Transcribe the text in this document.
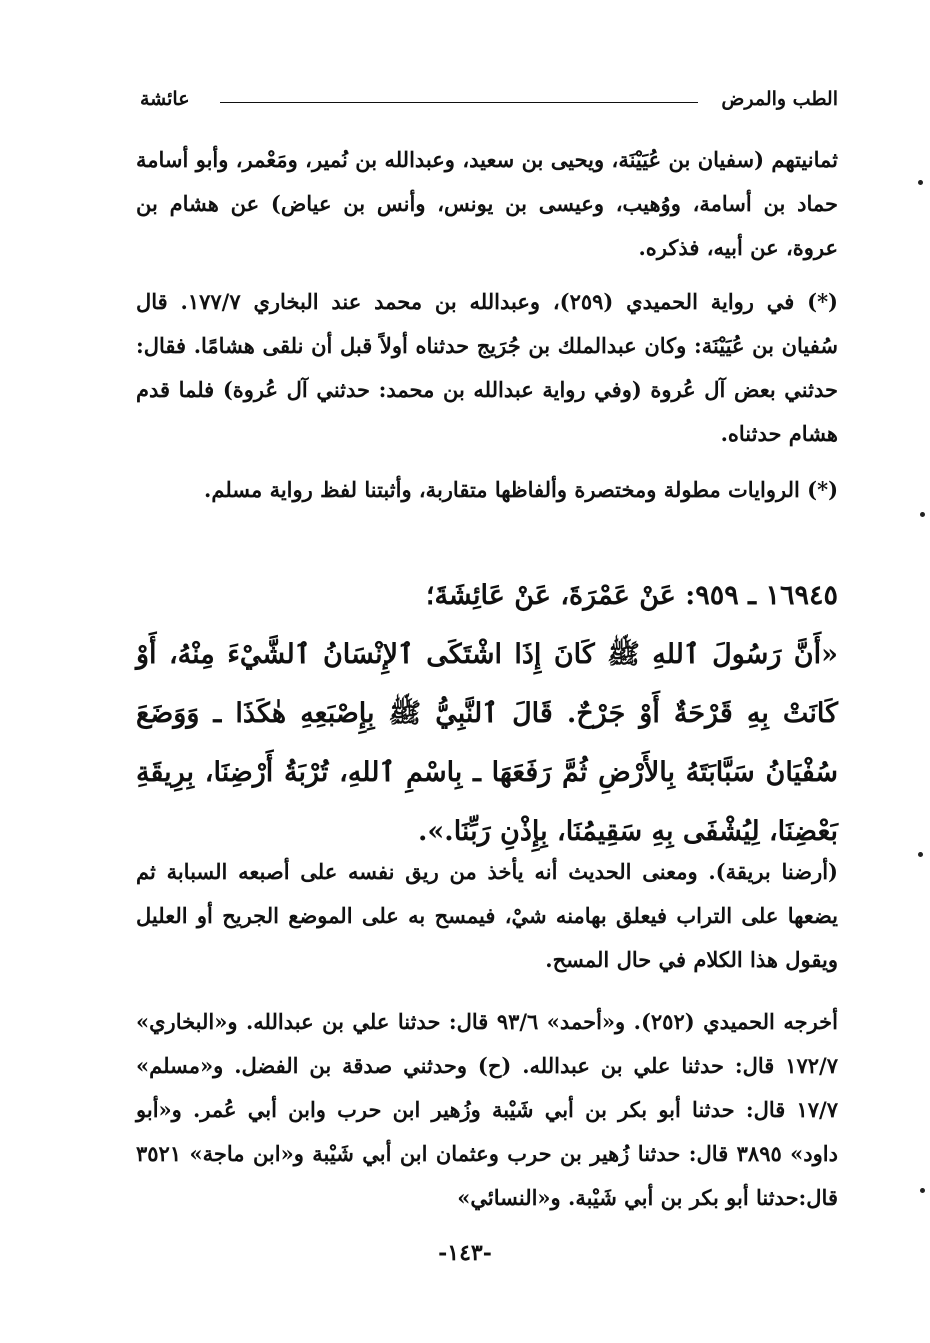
الطب والمرض
عائشة

ثمانيتهم (سفيان بن عُيَيْنَة، ويحيى بن سعيد، وعبدالله بن نُمير، ومَعْمر، وأبو أسامة حماد بن أسامة، ووُهيب، وعيسى بن يونس، وأنس بن عياض) عن هشام بن عروة، عن أبيه، فذكره.

(*) في رواية الحميدي (٢٥٩)، وعبدالله بن محمد عند البخاري ١٧٧/٧. قال سُفيان بن عُيَيْنَة: وكان عبدالملك بن جُرَيج حدثناه أولاً قبل أن نلقى هشامًا. فقال: حدثني بعض آل عُروة (وفي رواية عبدالله بن محمد: حدثني آل عُروة) فلما قدم هشام حدثناه.

(*) الروايات مطولة ومختصرة وألفاظها متقاربة، وأثبتنا لفظ رواية مسلم.

١٦٩٤٥ ـ ٩٥٩: عَنْ عَمْرَةَ، عَنْ عَائِشَةَ؛

«أَنَّ رَسُولَ ٱللهِ ﷺ كَانَ إِذَا اشْتَكَى ٱلإِنْسَانُ ٱلشَّيْءَ مِنْهُ، أَوْ كَانَتْ بِهِ قَرْحَةٌ أَوْ جَرْحٌ. قَالَ ٱلنَّبِيُّ ﷺ بِإِصْبَعِهِ هٰكَذَا ـ وَوَضَعَ سُفْيَانُ سَبَّابَتَهُ بِالأَرْضِ ثُمَّ رَفَعَهَا ـ بِاسْمِ ٱللهِ، تُرْبَةُ أَرْضِنَا، بِرِيقَةِ بَعْضِنَا، لِيُشْفَى بِهِ سَقِيمُنَا، بِإِذْنِ رَبِّنَا.».

(أرضنا بريقة). ومعنى الحديث أنه يأخذ من ريق نفسه على أصبعه السبابة ثم يضعها على التراب فيعلق بهامنه شيْ، فيمسح به على الموضع الجريح أو العليل ويقول هذا الكلام في حال المسح.

أخرجه الحميدي (٢٥٢). و«أحمد» ٩٣/٦ قال: حدثنا علي بن عبدالله. و«البخاري» ١٧٢/٧ قال: حدثنا علي بن عبدالله. (ح) وحدثني صدقة بن الفضل. و«مسلم» ١٧/٧ قال: حدثنا أبو بكر بن أبي شَيْبة وزُهير ابن حرب وابن أبي عُمر. و«أبو داود» ٣٨٩٥ قال: حدثنا زُهير بن حرب وعثمان ابن أبي شَيْبة و«ابن ماجة» ٣٥٢١ قال:حدثنا أبو بكر بن أبي شَيْبة. و«النسائي»

-١٤٣-
